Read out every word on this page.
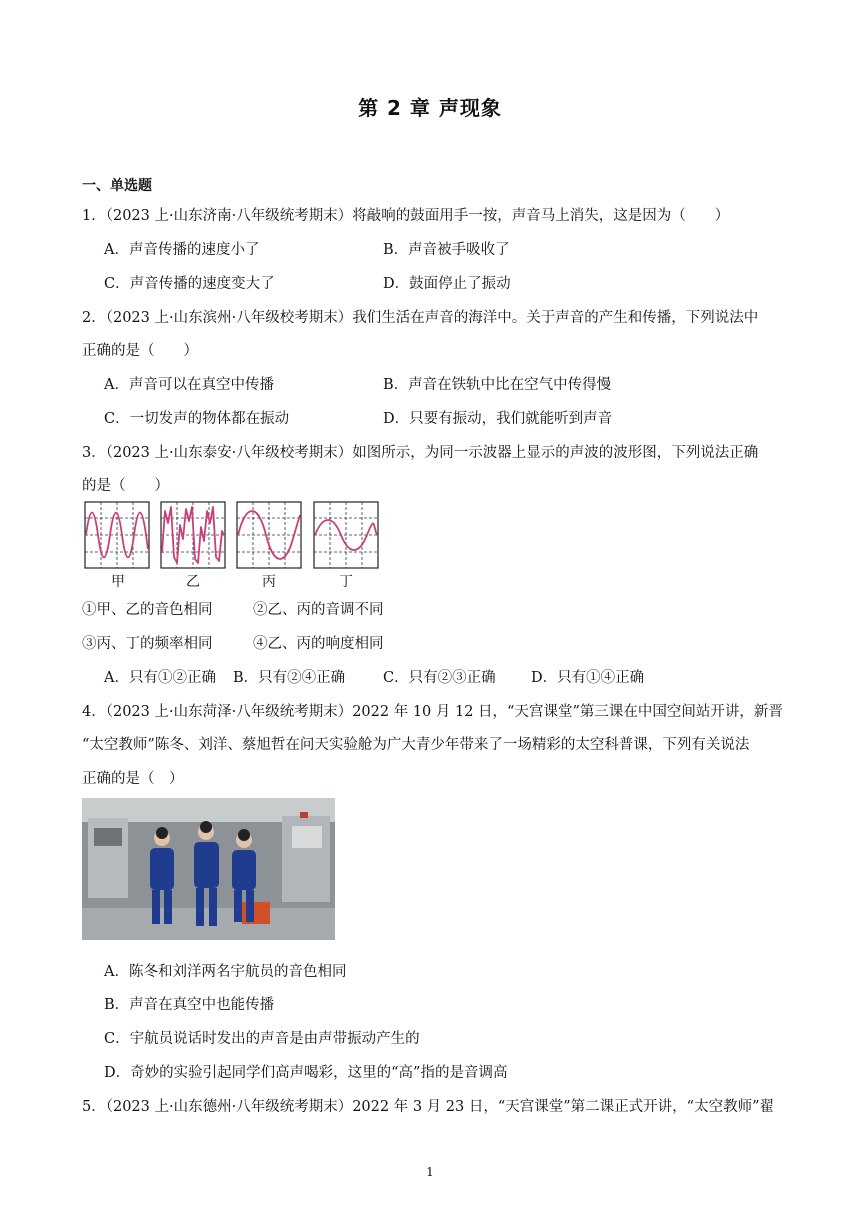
第 2 章 声现象
一、单选题
1．（2023 上·山东济南·八年级统考期末）将敲响的鼓面用手一按，声音马上消失，这是因为（　　）
A．声音传播的速度小了	B．声音被手吸收了
C．声音传播的速度变大了	D．鼓面停止了振动
2．（2023 上·山东滨州·八年级校考期末）我们生活在声音的海洋中。关于声音的产生和传播，下列说法中
正确的是（　　）
A．声音可以在真空中传播	B．声音在铁轨中比在空气中传得慢
C．一切发声的物体都在振动	D．只要有振动，我们就能听到声音
3．（2023 上·山东泰安·八年级校考期末）如图所示，为同一示波器上显示的声波的波形图，下列说法正确
的是（　　）
甲	乙	丙	丁
①甲、乙的音色相同	②乙、丙的音调不同
③丙、丁的频率相同	④乙、丙的响度相同
A．只有①②正确 B．只有②④正确	C．只有②③正确 D．只有①④正确
4．（2023 上·山东菏泽·八年级统考期末）2022 年 10 月 12 日，“天宫课堂”第三课在中国空间站开讲，新晋
“太空教师”陈冬、刘洋、蔡旭哲在问天实验舱为广大青少年带来了一场精彩的太空科普课，下列有关说法
正确的是（　）
A．陈冬和刘洋两名宇航员的音色相同
B．声音在真空中也能传播
C．宇航员说话时发出的声音是由声带振动产生的
D．奇妙的实验引起同学们高声喝彩，这里的“高”指的是音调高
5．（2023 上·山东德州·八年级统考期末）2022 年 3 月 23 日，“天宫课堂”第二课正式开讲，“太空教师”翟
1
